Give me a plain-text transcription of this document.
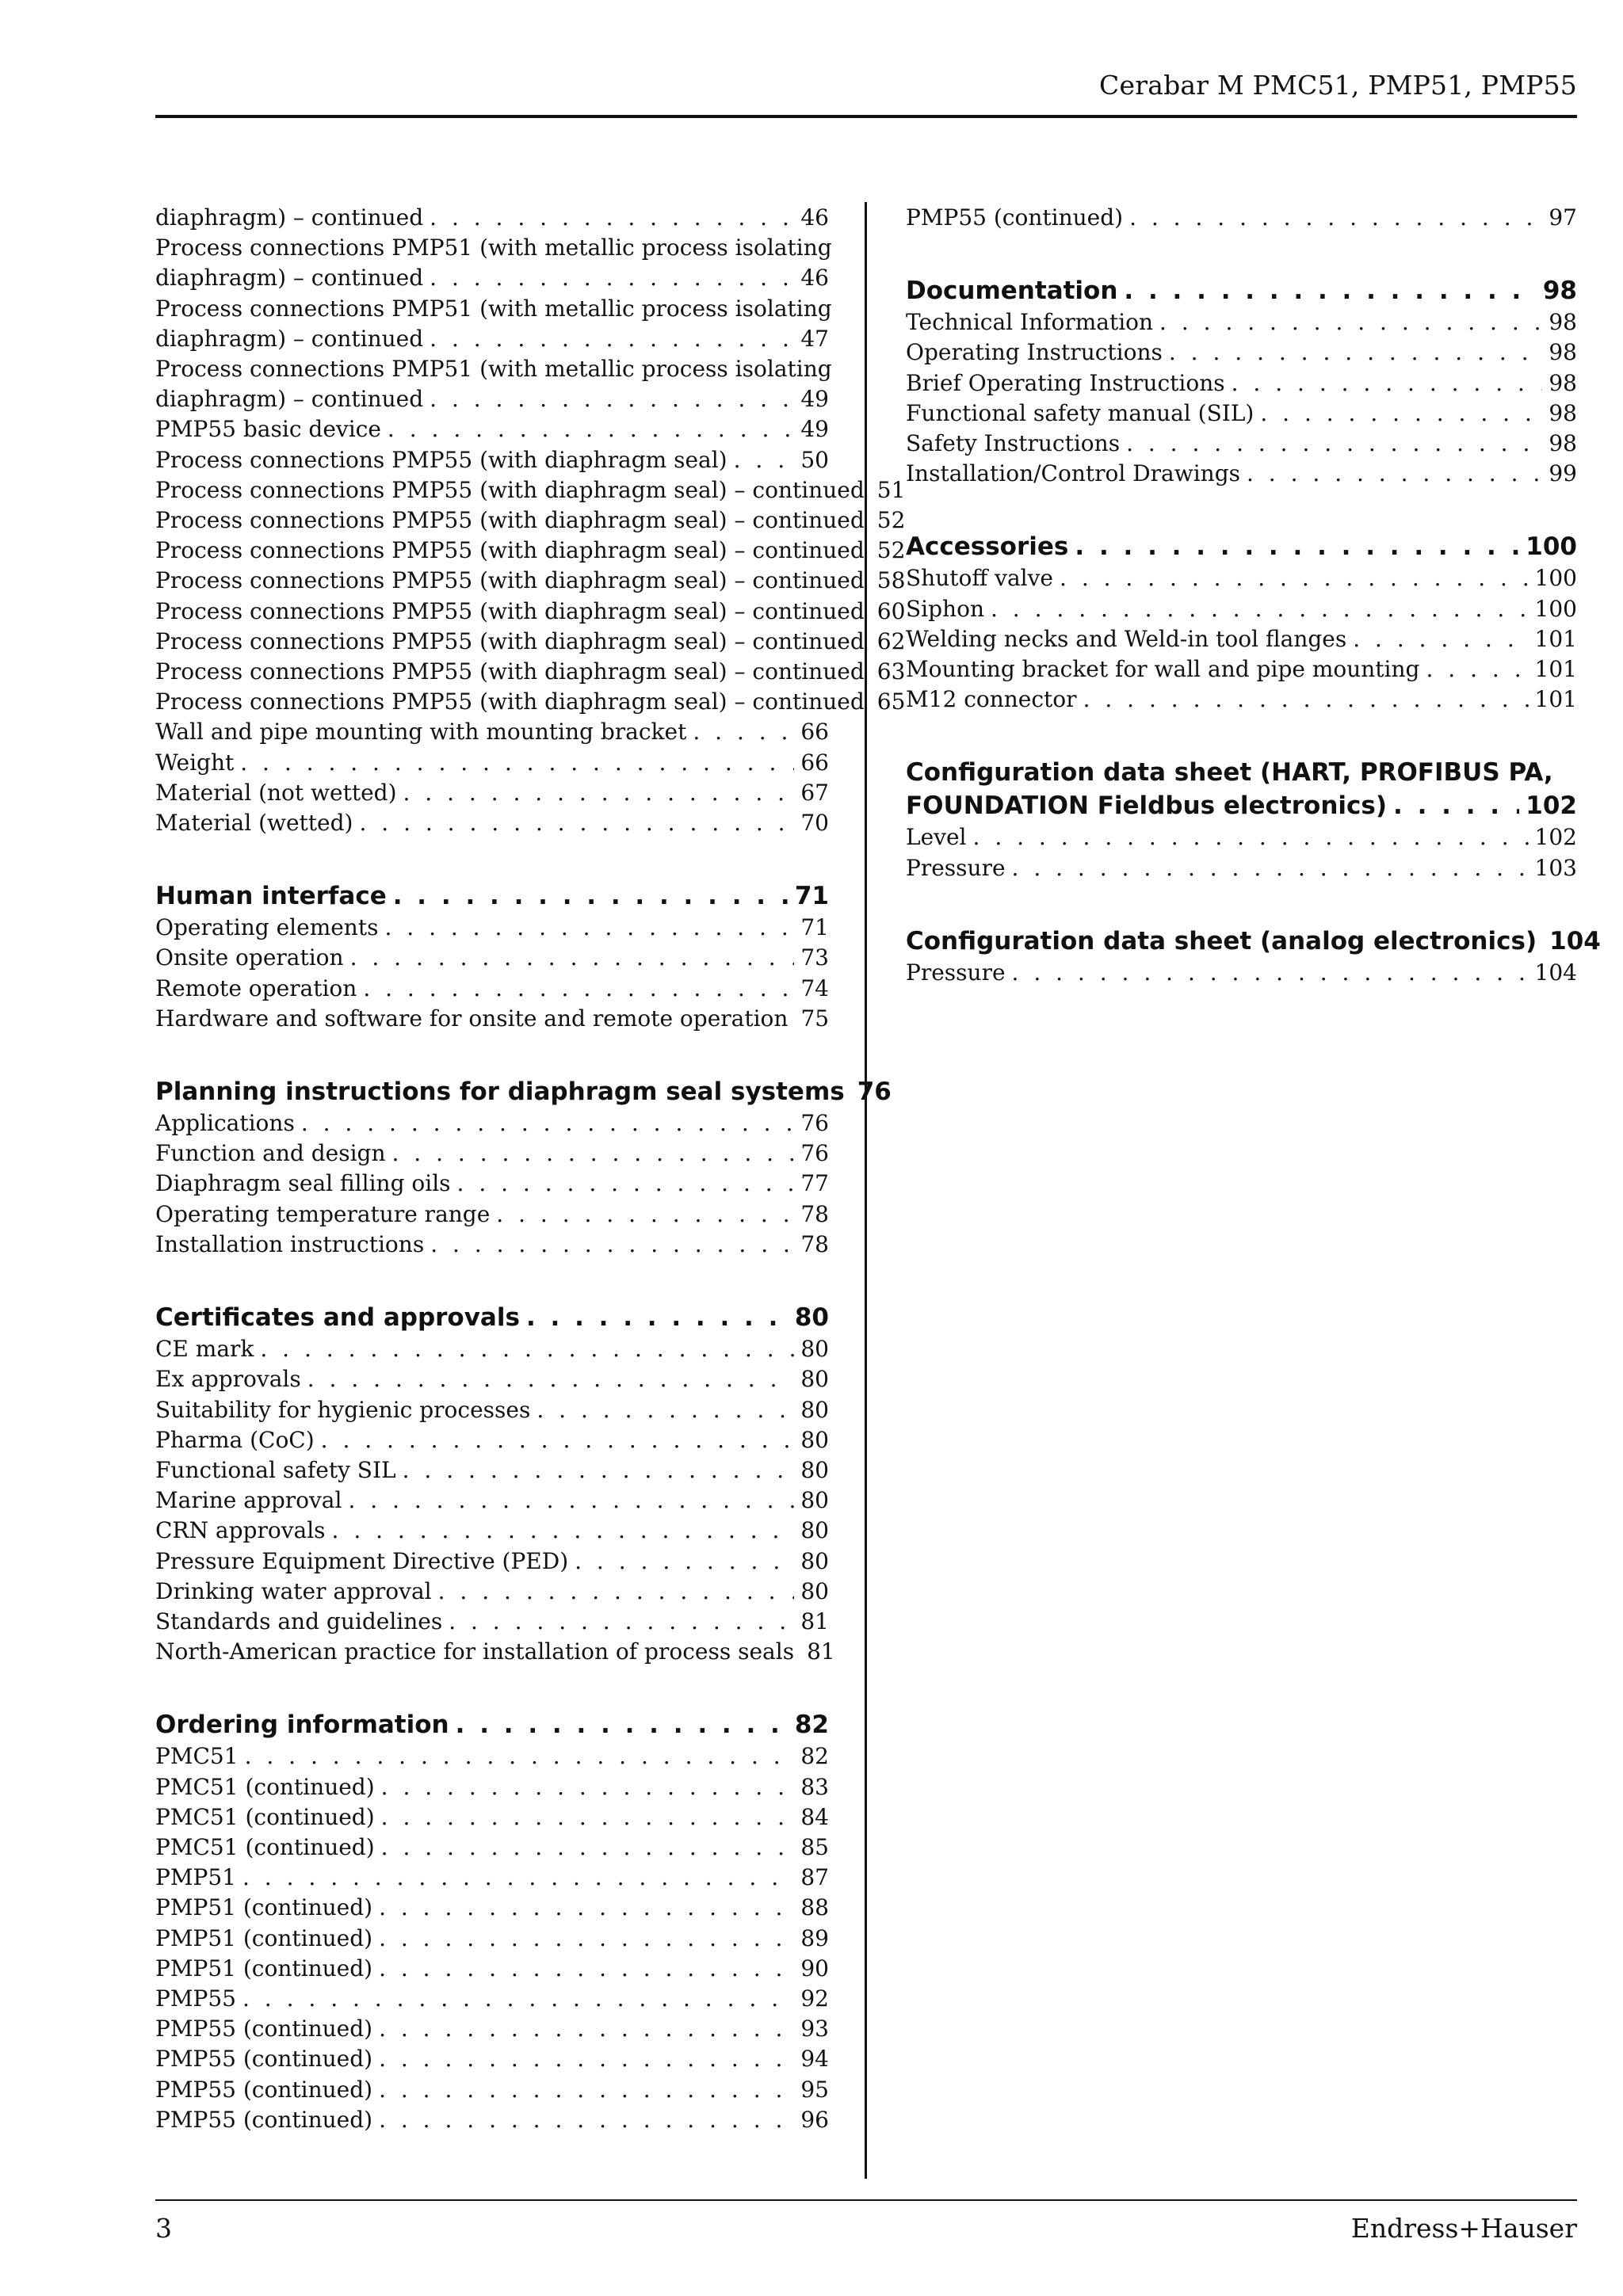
Cerabar M PMC51, PMP51, PMP55
diaphragm) – continued . . .	46
Process connections PMP51 (with metallic process isolating
diaphragm) – continued . . .	46
Process connections PMP51 (with metallic process isolating
diaphragm) – continued . . .	47
Process connections PMP51 (with metallic process isolating
diaphragm) – continued . . .	49
PMP55 basic device . . .	49
Process connections PMP55 (with diaphragm seal) . . .	50
Process connections PMP55 (with diaphragm seal) – continued 51
Process connections PMP55 (with diaphragm seal) – continued 52
Process connections PMP55 (with diaphragm seal) – continued 52
Process connections PMP55 (with diaphragm seal) – continued 58
Process connections PMP55 (with diaphragm seal) – continued 60
Process connections PMP55 (with diaphragm seal) – continued 62
Process connections PMP55 (with diaphragm seal) – continued 63
Process connections PMP55 (with diaphragm seal) – continued 65
Wall and pipe mounting with mounting bracket . . .	66
Weight . . .	66
Material (not wetted) . . .	67
Material (wetted) . . .	70
Human interface . . .	71
Operating elements . . .	71
Onsite operation . . .	73
Remote operation . . .	74
Hardware and software for onsite and remote operation 75
Planning instructions for diaphragm seal systems 76
Applications . . .	76
Function and design . . .	76
Diaphragm seal filling oils . . .	77
Operating temperature range . . .	78
Installation instructions . . .	78
Certificates and approvals . . .	80
CE mark . . .	80
Ex approvals . . .	80
Suitability for hygienic processes . . .	80
Pharma (CoC) . . .	80
Functional safety SIL . . .	80
Marine approval . . .	80
CRN approvals . . .	80
Pressure Equipment Directive (PED) . . .	80
Drinking water approval . . .	80
Standards and guidelines . . .	81
North-American practice for installation of process seals 81
Ordering information . . .	82
PMC51 . . .	82
PMC51 (continued) . . .	83
PMC51 (continued) . . .	84
PMC51 (continued) . . .	85
PMP51 . . .	87
PMP51 (continued) . . .	88
PMP51 (continued) . . .	89
PMP51 (continued) . . .	90
PMP55 . . .	92
PMP55 (continued) . . .	93
PMP55 (continued) . . .	94
PMP55 (continued) . . .	95
PMP55 (continued) . . .	96
PMP55 (continued) . . .	97
Documentation . . .	98
Technical Information . . .	98
Operating Instructions . . .	98
Brief Operating Instructions . . .	98
Functional safety manual (SIL) . . .	98
Safety Instructions . . .	98
Installation/Control Drawings . . .	99
Accessories . . .	100
Shutoff valve . . .	100
Siphon . . .	100
Welding necks and Weld-in tool flanges . . .	101
Mounting bracket for wall and pipe mounting . . .	101
M12 connector . . .	101
Configuration data sheet (HART, PROFIBUS PA,
FOUNDATION Fieldbus electronics) . . .	102
Level . . .	102
Pressure . . .	103
Configuration data sheet (analog electronics) 104
Pressure . . .	104
3	Endress+Hauser
